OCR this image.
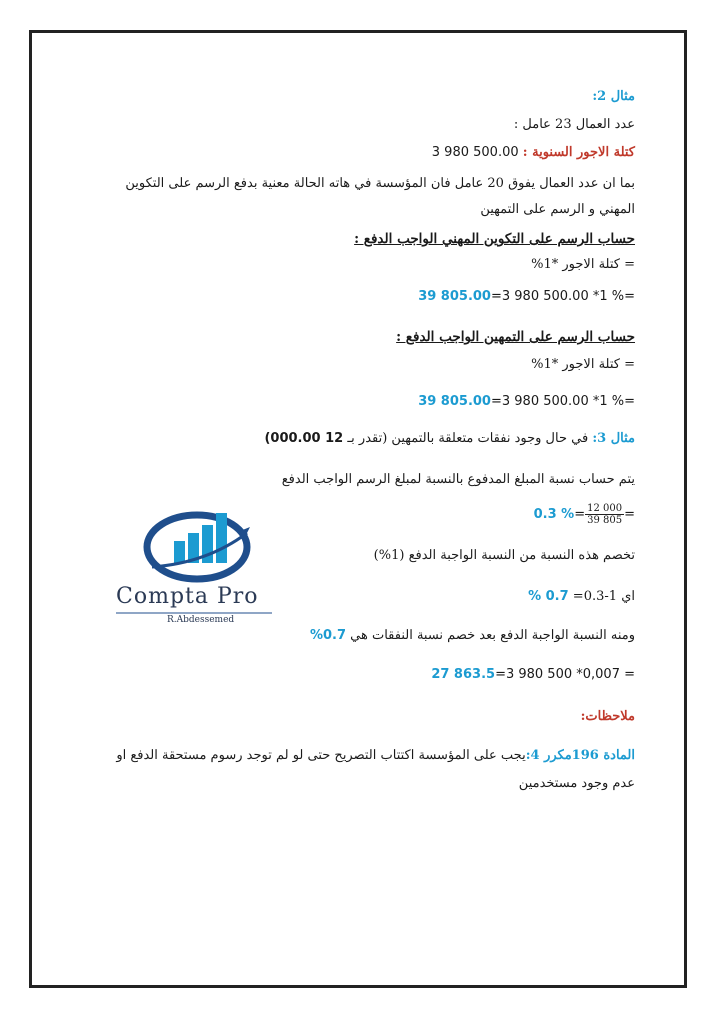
مثال 2:
عدد العمال 23 عامل :
كتلة الاجور السنوية : 500.00 980 3
بما ان عدد العمال يفوق 20 عامل فان المؤسسة في هاته الحالة معنية بدفع الرسم على التكوين المهني و الرسم على التمهين
حساب الرسم على التكوين المهني الواجب الدفع :
= كتلة الاجور *1%
39 805.00=3 980 500.00 *1 %=
حساب الرسم على التمهين الواجب الدفع :
= كتلة الاجور *1%
39 805.00=3 980 500.00 *1 %=
مثال 3: في حال وجود نفقات متعلقة بالتمهين (تقدر بـ 12 000.00)
يتم حساب نسبة المبلغ المدفوع بالنسبة لمبلغ الرسم الواجب الدفع
0.3 %= $\frac{12 000}{39 805}$ =
تخصم هذه النسبة من النسبة الواجبة الدفع (1%)
اي 1-0.3= 0.7 %
ومنه النسبة الواجبة الدفع بعد خصم نسبة النفقات هي 0.7%
27 863.5=3 980 500 *0,007 =
ملاحظات:
المادة 196مكرر 4:يجب على المؤسسة اكتتاب التصريح حتى لو لم توجد رسوم مستحقة الدفع او عدم وجود مستخدمين
Compta Pro
R.Abdessemed
